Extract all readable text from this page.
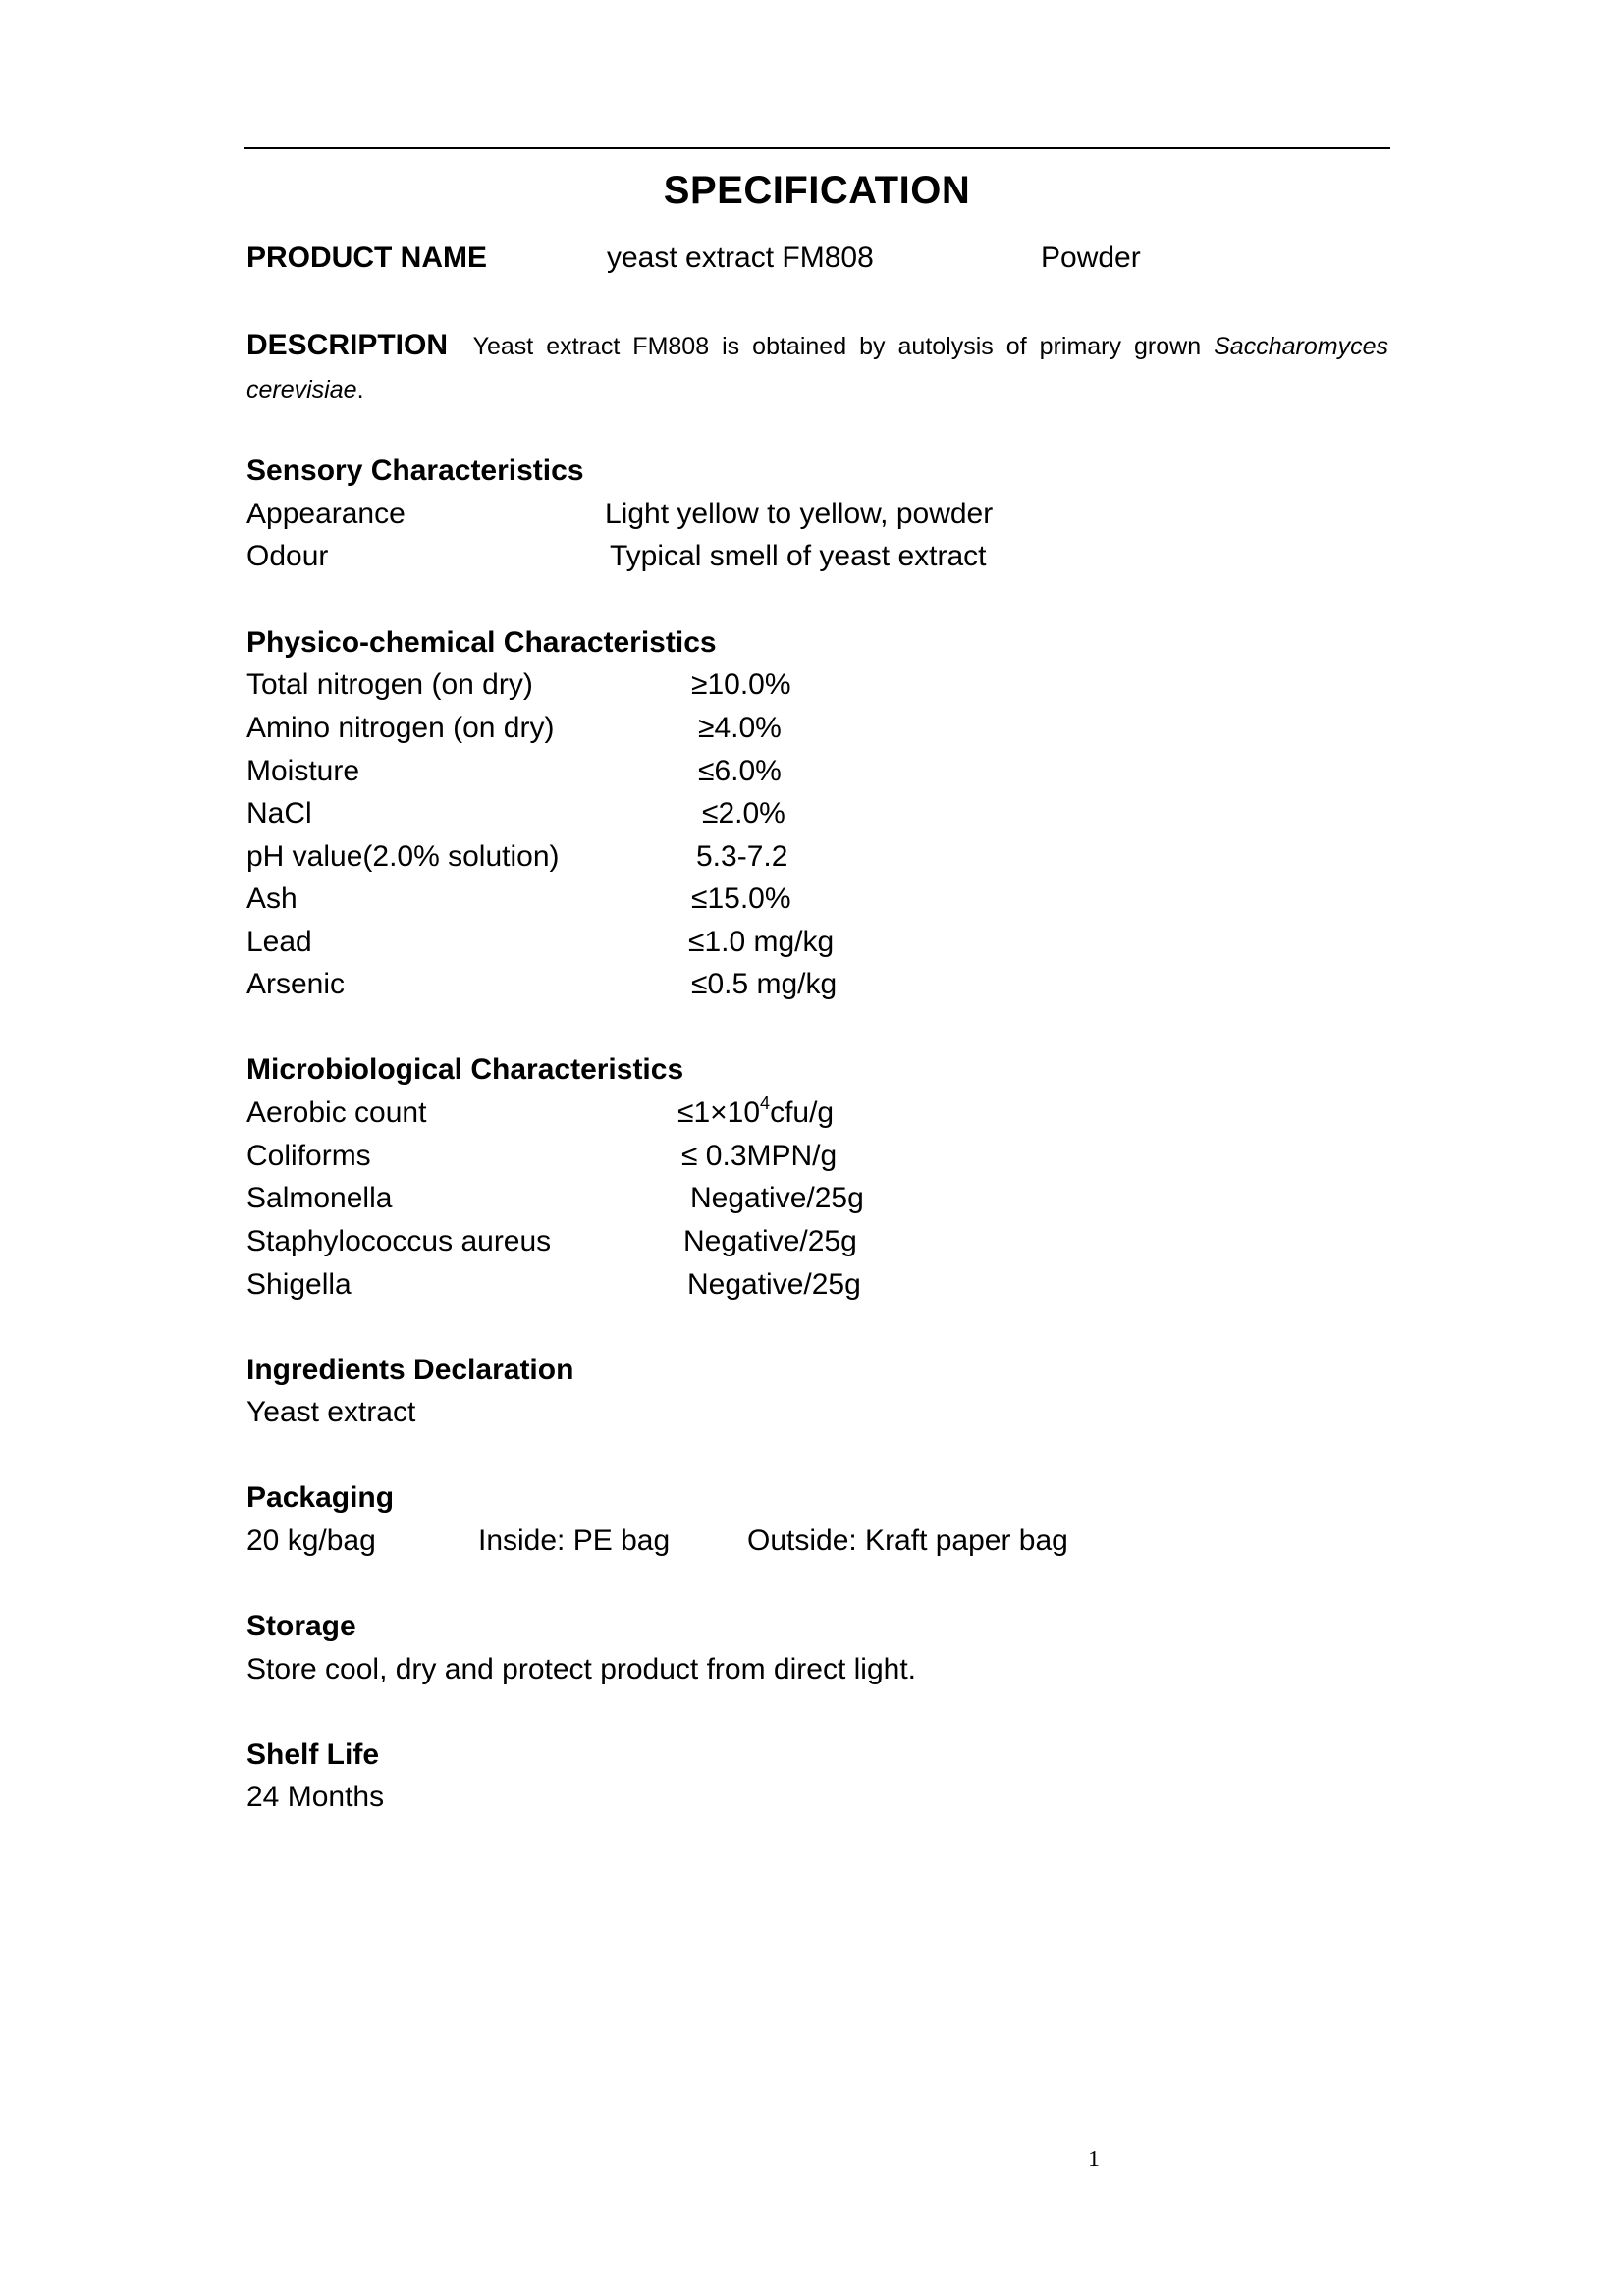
SPECIFICATION
PRODUCT NAME	yeast extract FM808	Powder
DESCRIPTION Yeast extract FM808 is obtained by autolysis of primary grown Saccharomyces cerevisiae.
Sensory Characteristics
Appearance	Light yellow to yellow, powder
Odour	Typical smell of yeast extract
Physico-chemical Characteristics
Total nitrogen (on dry)	≥10.0%
Amino nitrogen (on dry)	≥4.0%
Moisture	≤6.0%
NaCl	≤2.0%
pH value(2.0% solution)	5.3-7.2
Ash	≤15.0%
Lead	≤1.0 mg/kg
Arsenic	≤0.5 mg/kg
Microbiological Characteristics
Aerobic count	$\le 1\times 10^4cfu/g$
Coliforms	≤ 0.3MPN/g
Salmonella	Negative/25g
Staphylococcus aureus	Negative/25g
Shigella	Negative/25g
Ingredients Declaration
Yeast extract
Packaging
20 kg/bag	Inside: PE bag	Outside: Kraft paper bag
Storage
Store cool, dry and protect product from direct light.
Shelf Life
24 Months
1
